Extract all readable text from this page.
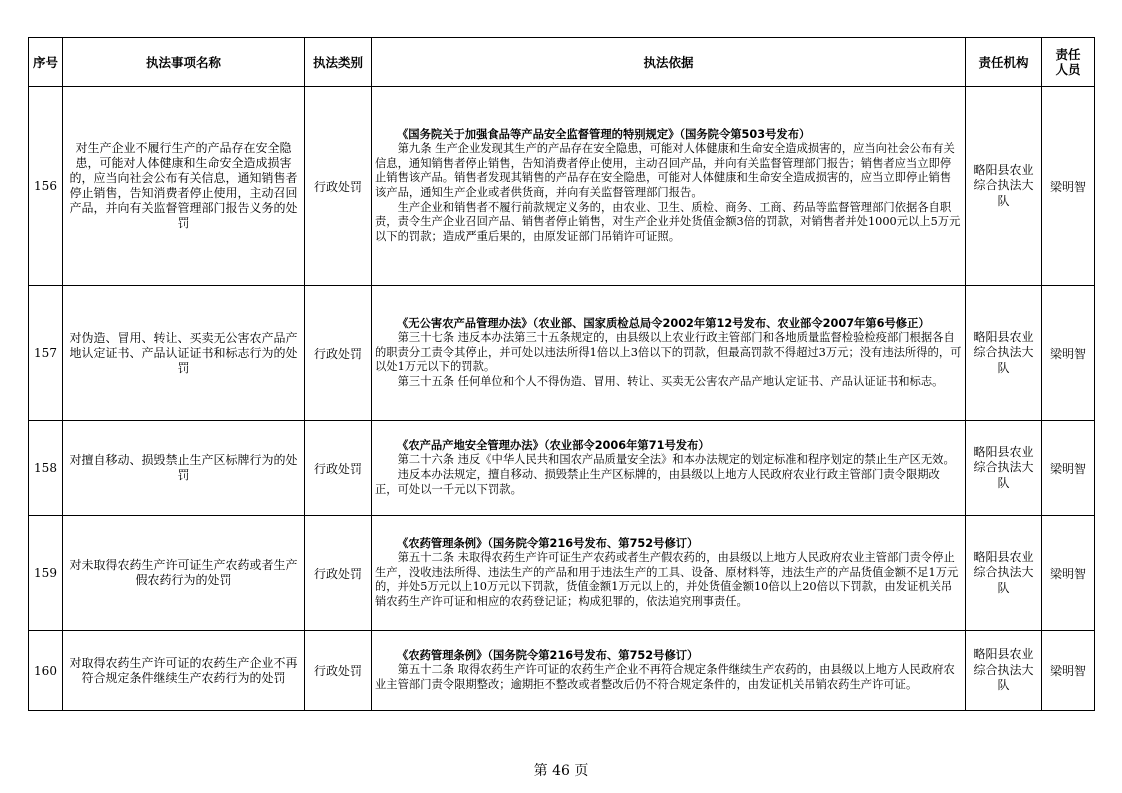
序号	执法事项名称	执法类别	执法依据	责任机构	责任人员
156	对生产企业不履行生产的产品存在安全隐患，可能对人体健康和生命安全造成损害的，应当向社会公布有关信息，通知销售者停止销售，告知消费者停止使用，主动召回产品，并向有关监督管理部门报告义务的处罚	行政处罚	《国务院关于加强食品等产品安全监督管理的特别规定》（国务院令第503号发布）
第九条 生产企业发现其生产的产品存在安全隐患，可能对人体健康和生命安全造成损害的，应当向社会公布有关信息，通知销售者停止销售，告知消费者停止使用，主动召回产品，并向有关监督管理部门报告；销售者应当立即停止销售该产品。销售者发现其销售的产品存在安全隐患，可能对人体健康和生命安全造成损害的，应当立即停止销售该产品，通知生产企业或者供货商，并向有关监督管理部门报告。
生产企业和销售者不履行前款规定义务的，由农业、卫生、质检、商务、工商、药品等监督管理部门依据各自职责，责令生产企业召回产品、销售者停止销售，对生产企业并处货值金额3倍的罚款，对销售者并处1000元以上5万元以下的罚款；造成严重后果的，由原发证部门吊销许可证照。	略阳县农业综合执法大队	梁明智
157	对伪造、冒用、转让、买卖无公害农产品产地认定证书、产品认证证书和标志行为的处罚	行政处罚	《无公害农产品管理办法》（农业部、国家质检总局令2002年第12号发布、农业部令2007年第6号修正）
第三十七条 违反本办法第三十五条规定的，由县级以上农业行政主管部门和各地质量监督检验检疫部门根据各自的职责分工责令其停止，并可处以违法所得1倍以上3倍以下的罚款，但最高罚款不得超过3万元；没有违法所得的，可以处1万元以下的罚款。
第三十五条 任何单位和个人不得伪造、冒用、转让、买卖无公害农产品产地认定证书、产品认证证书和标志。	略阳县农业综合执法大队	梁明智
158	对擅自移动、损毁禁止生产区标牌行为的处罚	行政处罚	《农产品产地安全管理办法》（农业部令2006年第71号发布）
第二十六条 违反《中华人民共和国农产品质量安全法》和本办法规定的划定标准和程序划定的禁止生产区无效。
违反本办法规定，擅自移动、损毁禁止生产区标牌的，由县级以上地方人民政府农业行政主管部门责令限期改正，可处以一千元以下罚款。	略阳县农业综合执法大队	梁明智
159	对未取得农药生产许可证生产农药或者生产假农药行为的处罚	行政处罚	《农药管理条例》（国务院令第216号发布、第752号修订）
第五十二条 未取得农药生产许可证生产农药或者生产假农药的，由县级以上地方人民政府农业主管部门责令停止生产，没收违法所得、违法生产的产品和用于违法生产的工具、设备、原材料等，违法生产的产品货值金额不足1万元的，并处5万元以上10万元以下罚款，货值金额1万元以上的，并处货值金额10倍以上20倍以下罚款，由发证机关吊销农药生产许可证和相应的农药登记证；构成犯罪的，依法追究刑事责任。	略阳县农业综合执法大队	梁明智
160	对取得农药生产许可证的农药生产企业不再符合规定条件继续生产农药行为的处罚	行政处罚	《农药管理条例》（国务院令第216号发布、第752号修订）
第五十二条 取得农药生产许可证的农药生产企业不再符合规定条件继续生产农药的，由县级以上地方人民政府农业主管部门责令限期整改；逾期拒不整改或者整改后仍不符合规定条件的，由发证机关吊销农药生产许可证。	略阳县农业综合执法大队	梁明智
第 46 页
